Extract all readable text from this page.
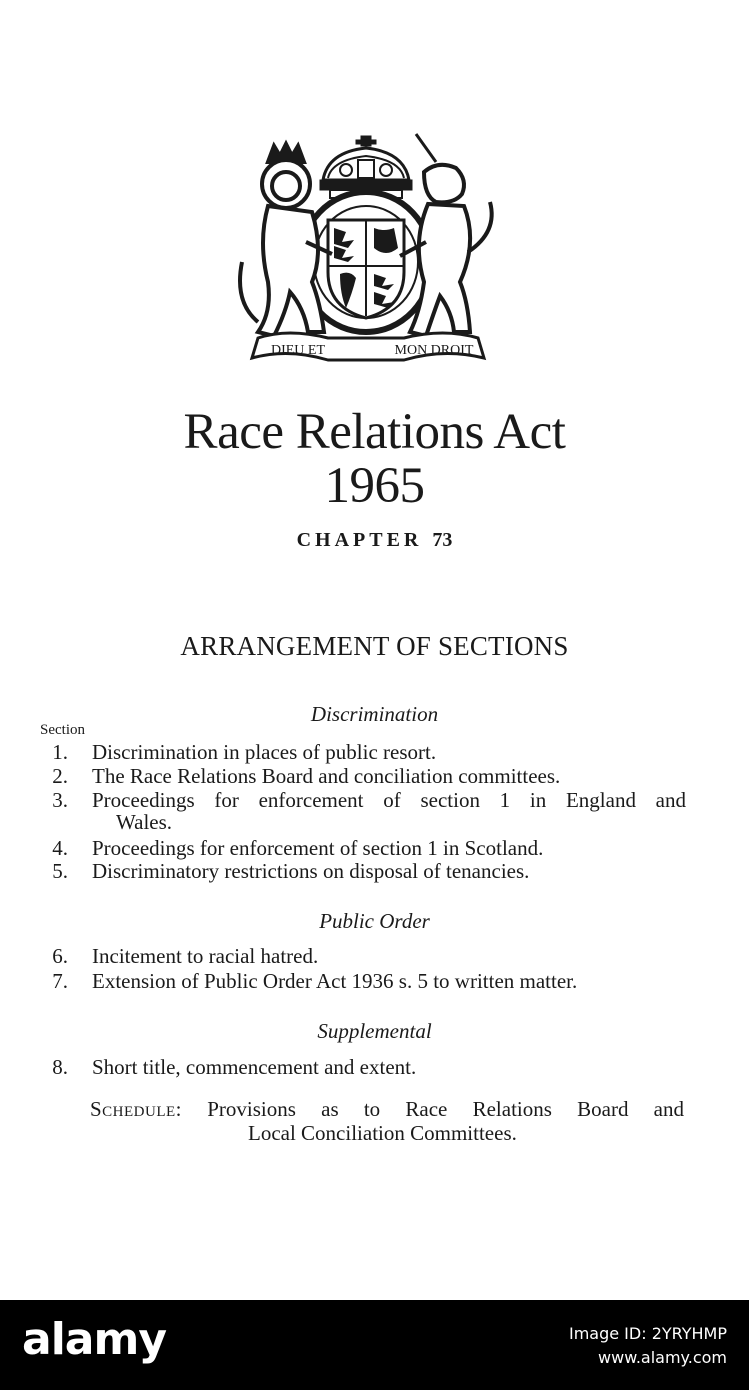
DIEU ET	MON DROIT
Race Relations Act
1965
CHAPTER 73
ARRANGEMENT OF SECTIONS
Discrimination
Section
1. Discrimination in places of public resort.
2. The Race Relations Board and conciliation committees.
3. Proceedings for enforcement of section 1 in England and
Wales.
4. Proceedings for enforcement of section 1 in Scotland.
5. Discriminatory restrictions on disposal of tenancies.
Public Order
6. Incitement to racial hatred.
7. Extension of Public Order Act 1936 s. 5 to written matter.
Supplemental
8. Short title, commencement and extent.
Schedule: Provisions as to Race Relations Board and
Local Conciliation Committees.
alamy	Image ID: 2YRYHMP
www.alamy.com
